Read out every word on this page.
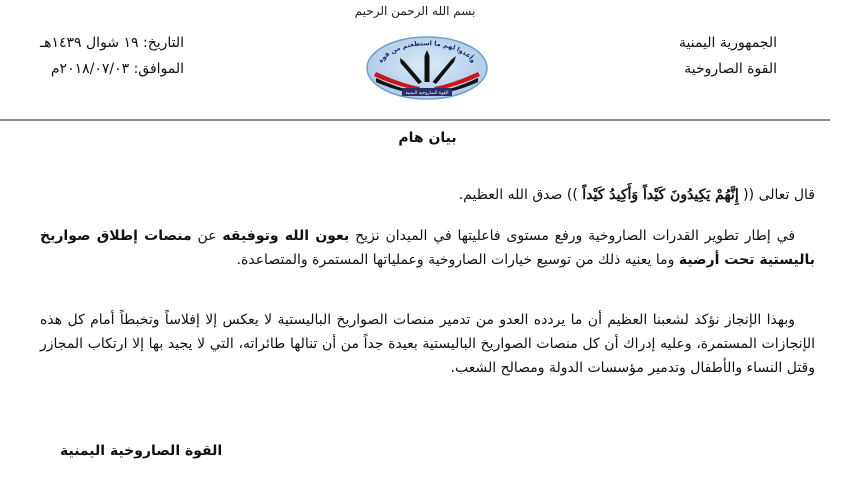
بسم الله الرحمن الرحيم
الجمهورية اليمنية
القوة الصاروخية
التاريخ: ١٩ شوال ١٤٣٩هـ
الموافق: ٢٠١٨/٠٧/٠٣م
وأعدوا لهم ما استطعتم من قوة
القوة الصاروخية اليمنية
بيان هام
قال تعالى (( إِنَّهُمْ يَكِيدُونَ كَيْداً وَأَكِيدُ كَيْداً )) صدق الله العظيم.
في إطار تطوير القدرات الصاروخية ورفع مستوى فاعليتها في الميدان نزيح بعون الله وتوفيقه عن منصات إطلاق صواريخ باليستية تحت أرضية وما يعنيه ذلك من توسيع خيارات الصاروخية وعملياتها المستمرة والمتصاعدة.
وبهذا الإنجاز نؤكد لشعبنا العظيم أن ما يردده العدو من تدمير منصات الصواريخ الباليستية لا يعكس إلا إفلاساً وتخبطاً أمام كل هذه الإنجازات المستمرة، وعليه إدراك أن كل منصات الصواريخ الباليستية بعيدة جداً من أن تنالها طائراته، التي لا يجيد بها إلا ارتكاب المجازر وقتل النساء والأطفال وتدمير مؤسسات الدولة ومصالح الشعب.
القوة الصاروخية اليمنية
